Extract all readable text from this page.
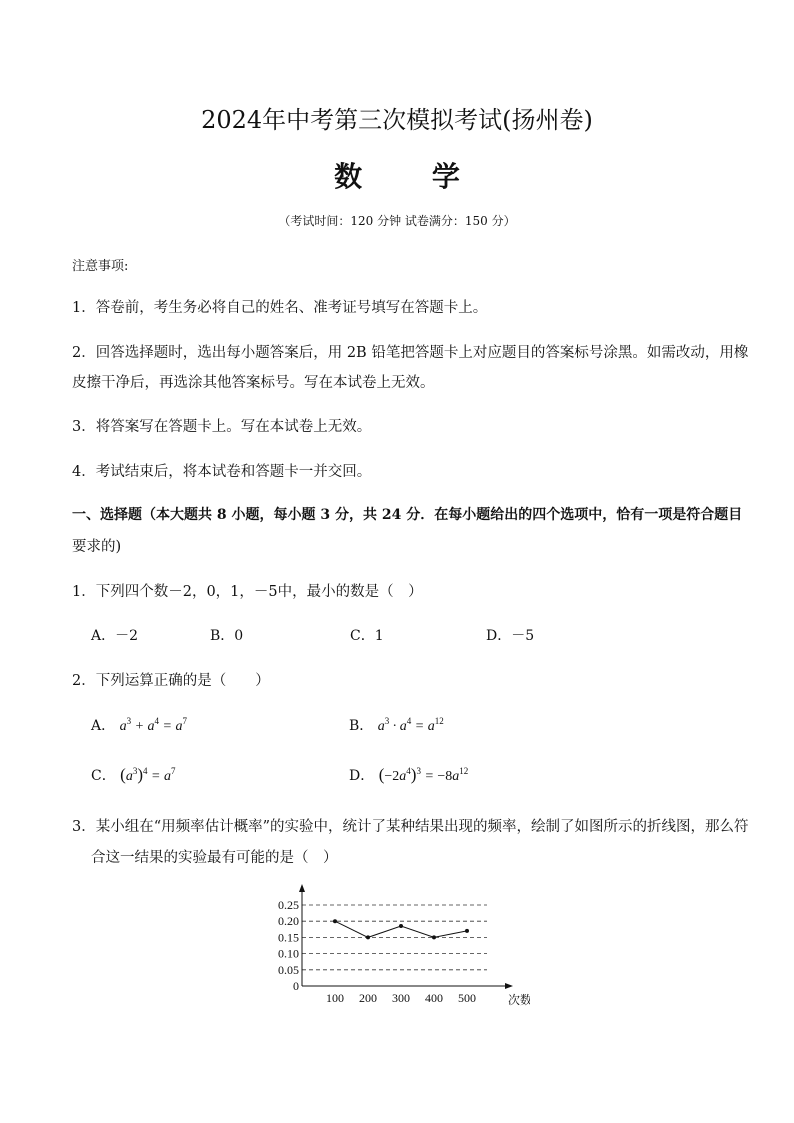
2024年中考第三次模拟考试(扬州卷)
数 学
（考试时间：120 分钟 试卷满分：150 分）
注意事项:
1．答卷前，考生务必将自己的姓名、准考证号填写在答题卡上。
2．回答选择题时，选出每小题答案后，用 2B 铅笔把答题卡上对应题目的答案标号涂黑。如需改动，用橡
皮擦干净后，再选涂其他答案标号。写在本试卷上无效。
3．将答案写在答题卡上。写在本试卷上无效。
4．考试结束后，将本试卷和答题卡一并交回。
一、选择题（本大题共 8 小题，每小题 3 分，共 24 分．在每小题给出的四个选项中，恰有一项是符合题目
要求的)
1．下列四个数－2，0，1，－5中，最小的数是（　）
A．－2	B．0	C．1	D．－5
2．下列运算正确的是（　　）
A． $a^3 + a^4 = a^7$	B． $a^3 \cdot a^4 = a^{12}$
C． $(a^3)^4 = a^7$	D． $(-2a^4)^3 = -8a^{12}$
3．某小组在“用频率估计概率”的实验中，统计了某种结果出现的频率，绘制了如图所示的折线图，那么符
合这一结果的实验最有可能的是（　）
0
0.05
0.10
0.15
0.20
0.25
100 200 300 400 500	次数
